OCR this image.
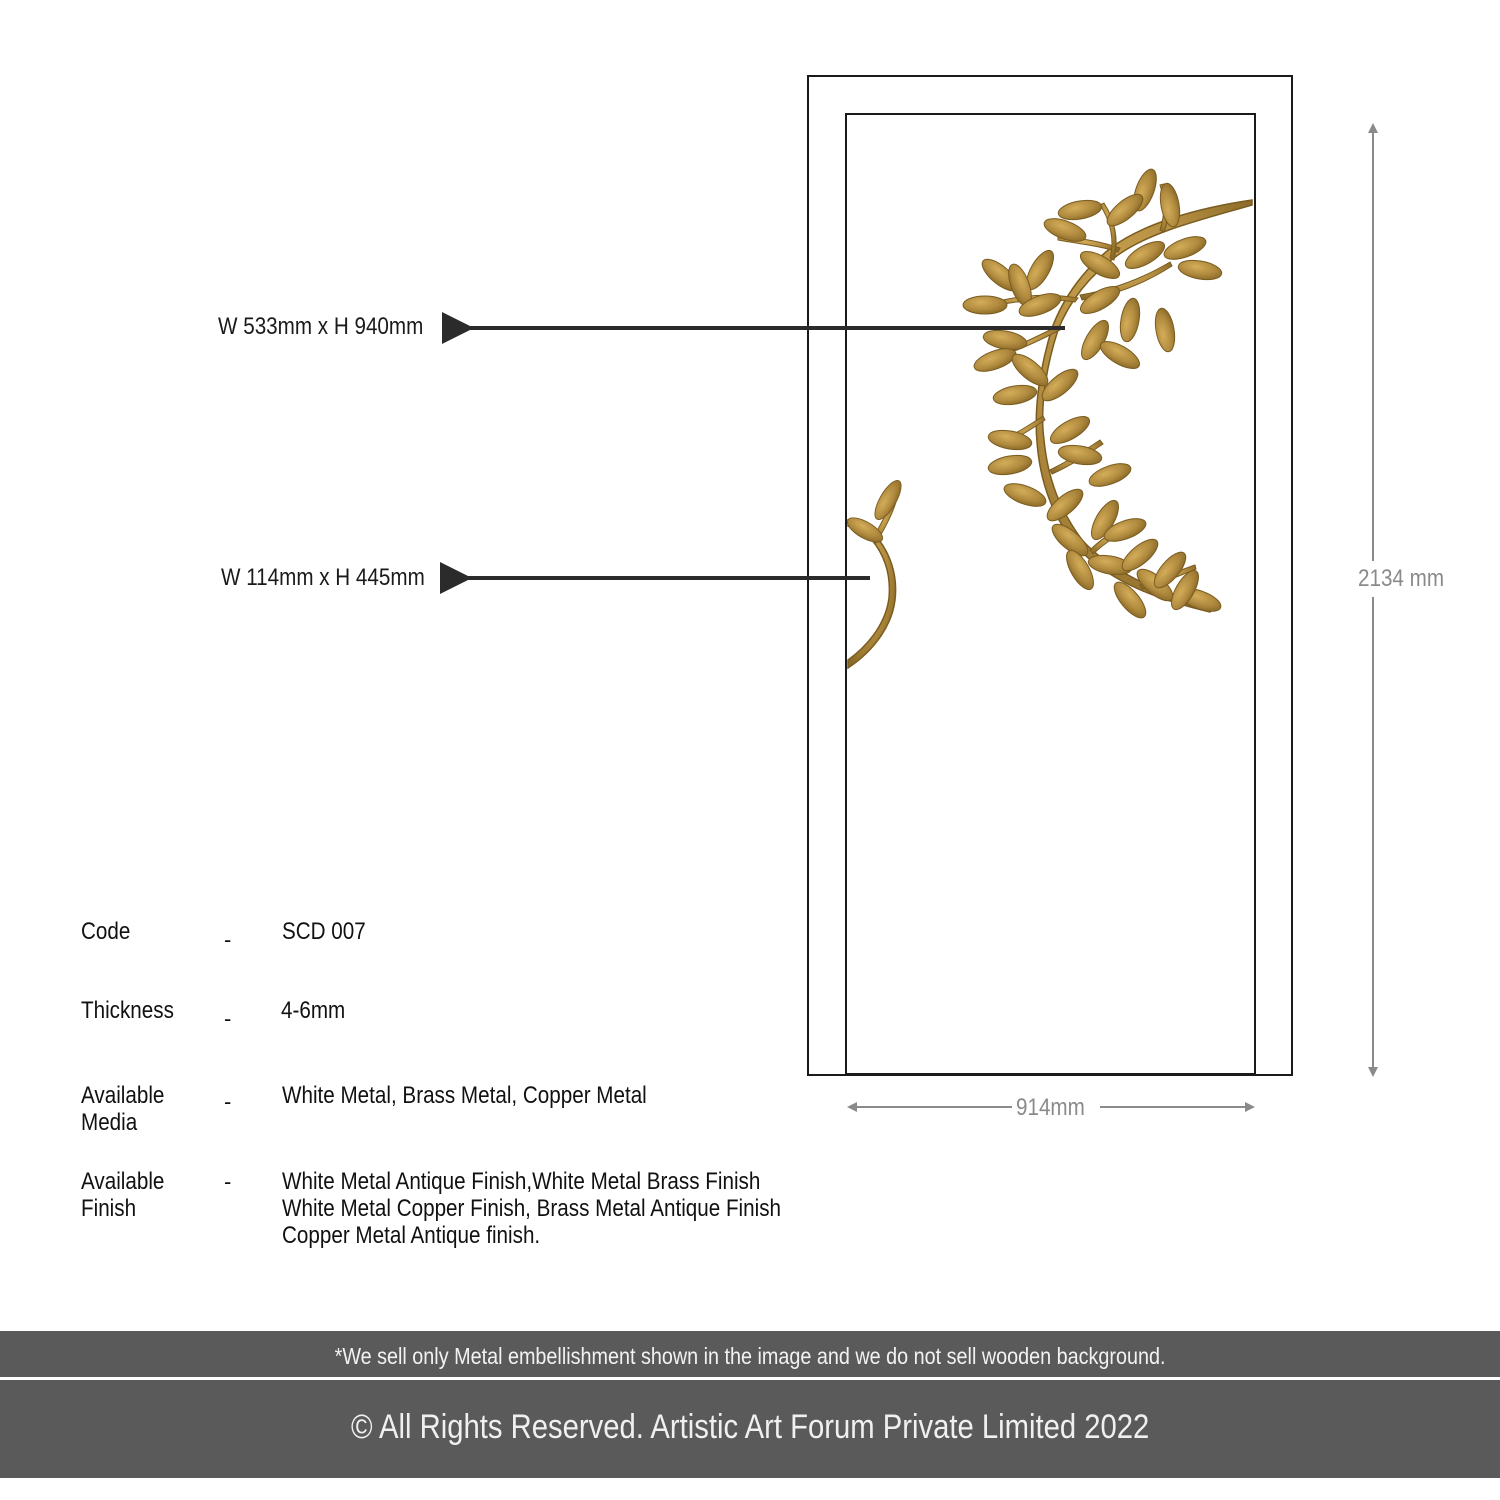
W 533mm x H 940mm
W 114mm x H 445mm	2134 mm
914mm
Code	- SCD 007
Thickness	- 4-6mm
Available
Media
- White Metal, Brass Metal, Copper Metal
Available
Finish
- White Metal Antique Finish,White Metal Brass Finish
White Metal Copper Finish, Brass Metal Antique Finish
Copper Metal Antique finish.
*We sell only Metal embellishment shown in the image and we do not sell wooden background.
© All Rights Reserved. Artistic Art Forum Private Limited 2022
